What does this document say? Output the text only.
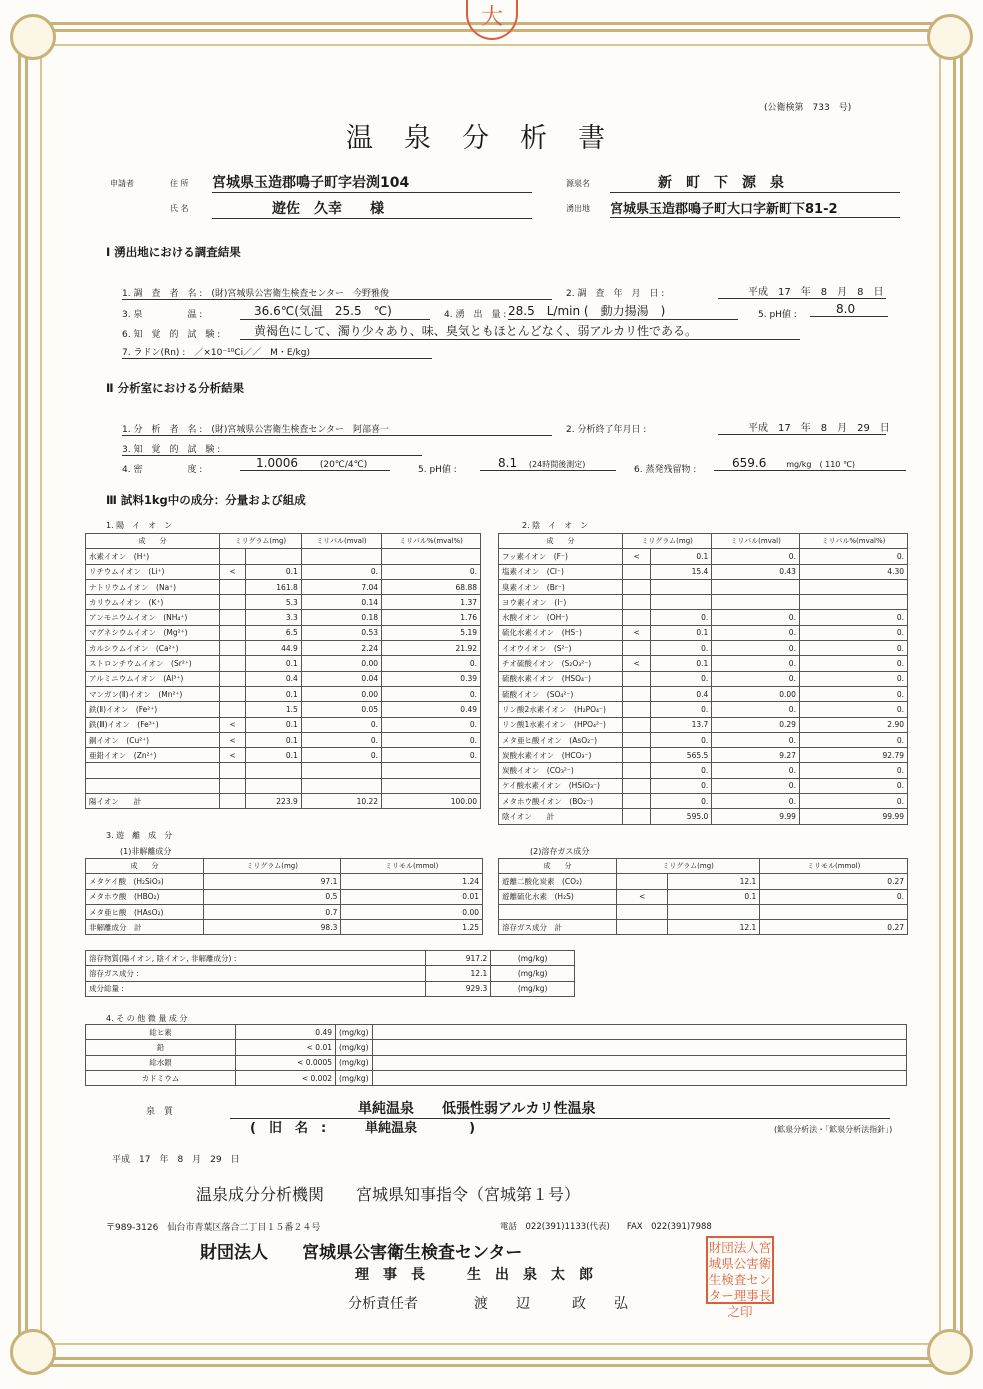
大
(公衛検第　733　号)
温　泉　分　析　書
申請者	住 所 宮城県玉造郡鳴子町字岩渕104
氏 名	遊佐　久幸　　様
源泉名	新　町　下　源　泉
湧出地 宮城県玉造郡鳴子町大口字新町下81-2
Ⅰ 湧出地における調査結果
1. 調　査　者　名 :　(財)宮城県公害衛生検査センター　今野雅俊	2. 調　査　年　月　日 :	平成　17　年　8　月　8　日
3. 泉　　　　　温 :	36.6℃(気温　25.5　℃)	4. 湧　出　量 : 28.5　L/min (　動力揚湯　)	5. pH値 :	8.0
6. 知　覚　的　試　験 :	黄褐色にして、濁り少々あり、味、臭気ともほとんどなく、弱アルカリ性である。
7. ラドン(Rn) :　／×10⁻¹⁰Ci／／　M・E/kg)
Ⅱ 分析室における分析結果
1. 分　析　者　名 :　(財)宮城県公害衛生検査センター　阿部喜一	2. 分析終了年月日 :	平成　17　年　8　月　29　日
3. 知　覚　的　試　験 :
4. 密　　　　　度 :	1.0006 (20℃/4℃)	5. pH値 :	8.1 (24時間後測定)
6. 蒸発残留物 :	659.6 mg/kg　( 110 ℃)
Ⅲ 試料1kg中の成分：分量および組成
1. 陽　イ　オ　ン	2. 陰　イ　オ　ン
成　　分	ミリグラム(mg)		ミリバル(mval)	ミリバル%(mval%)
水素イオン　(H⁺)				
リチウムイオン　(Li⁺)	<	0.1	0.	0.
ナトリウムイオン　(Na⁺)		161.8	7.04	68.88
カリウムイオン　(K⁺)		5.3	0.14	1.37
アンモニウムイオン　(NH₄⁺)		3.3	0.18	1.76
マグネシウムイオン　(Mg²⁺)		6.5	0.53	5.19
カルシウムイオン　(Ca²⁺)		44.9	2.24	21.92
ストロンチウムイオン　(Sr²⁺)		0.1	0.00	0.
アルミニウムイオン　(Al³⁺)		0.4	0.04	0.39
マンガン(Ⅱ)イオン　(Mn²⁺)		0.1	0.00	0.
鉄(Ⅱ)イオン　(Fe²⁺)		1.5	0.05	0.49
鉄(Ⅲ)イオン　(Fe³⁺)	<	0.1	0.	0.
銅イオン　(Cu²⁺)	<	0.1	0.	0.
亜鉛イオン　(Zn²⁺)	<	0.1	0.	0.

陽イオン　　計		223.9	10.22	100.00
成　　分	ミリグラム(mg)		ミリバル(mval)	ミリバル%(mval%)
フッ素イオン　(F⁻)	<	0.1	0.	0.
塩素イオン　(Cl⁻)		15.4	0.43	4.30
臭素イオン　(Br⁻)				
ヨウ素イオン　(I⁻)				
水酸イオン　(OH⁻)		0.	0.	0.
硫化水素イオン　(HS⁻)	<	0.1	0.	0.
イオウイオン　(S²⁻)		0.	0.	0.
チオ硫酸イオン　(S₂O₃²⁻)	<	0.1	0.	0.
硫酸水素イオン　(HSO₄⁻)		0.	0.	0.
硫酸イオン　(SO₄²⁻)		0.4	0.00	0.
リン酸2水素イオン　(H₂PO₄⁻)		0.	0.	0.
リン酸1水素イオン　(HPO₄²⁻)		13.7	0.29	2.90
メタ亜ヒ酸イオン　(AsO₂⁻)		0.	0.	0.
炭酸水素イオン　(HCO₃⁻)		565.5	9.27	92.79
炭酸イオン　(CO₃²⁻)		0.	0.	0.
ケイ酸水素イオン　(HSiO₃⁻)		0.	0.	0.
メタホウ酸イオン　(BO₂⁻)		0.	0.	0.
陰イオン　　計		595.0	9.99	99.99
3. 遊　離　成　分
(1)非解離成分	(2)溶存ガス成分
成　　分	ミリグラム(mg)	ミリモル(mmol)
メタケイ酸　(H₂SiO₃)	97.1	1.24
メタホウ酸　(HBO₂)	0.5	0.01
メタ亜ヒ酸　(HAsO₂)	0.7	0.00
非解離成分　計	98.3	1.25
成　　分	ミリグラム(mg)		ミリモル(mmol)
遊離二酸化炭素　(CO₂)		12.1	0.27
遊離硫化水素　(H₂S)	<	0.1	0.

溶存ガス成分　計		12.1	0.27
溶存物質(陽イオン, 陰イオン, 非解離成分) :	917.2	(mg/kg)
溶存ガス成分 :	12.1	(mg/kg)
成分総量 :	929.3	(mg/kg)
4. そ の 他 微 量 成 分
総ヒ素	0.49	(mg/kg)	
鉛	< 0.01	(mg/kg)	
総水銀	< 0.0005	(mg/kg)	
カドミウム	< 0.002	(mg/kg)	
泉　質	単純温泉　　低張性弱アルカリ性温泉
(　旧　名　:　　　単純温泉　　　　)	(鉱泉分析法・「鉱泉分析法指針」)
平成　17　年　8　月　29　日
温泉成分分析機関　　宮城県知事指令（宮城第１号）
〒989-3126　仙台市青葉区落合二丁目１５番２４号	電話　022(391)1133(代表)　　FAX　022(391)7988
財団法人　　宮城県公害衛生検査センター
理　事　長　　　生　出　泉　太　郎
分析責任者　　　　渡　　辺　　　政　　弘
財団法人宮城県公害衛生検査センター理事長之印
